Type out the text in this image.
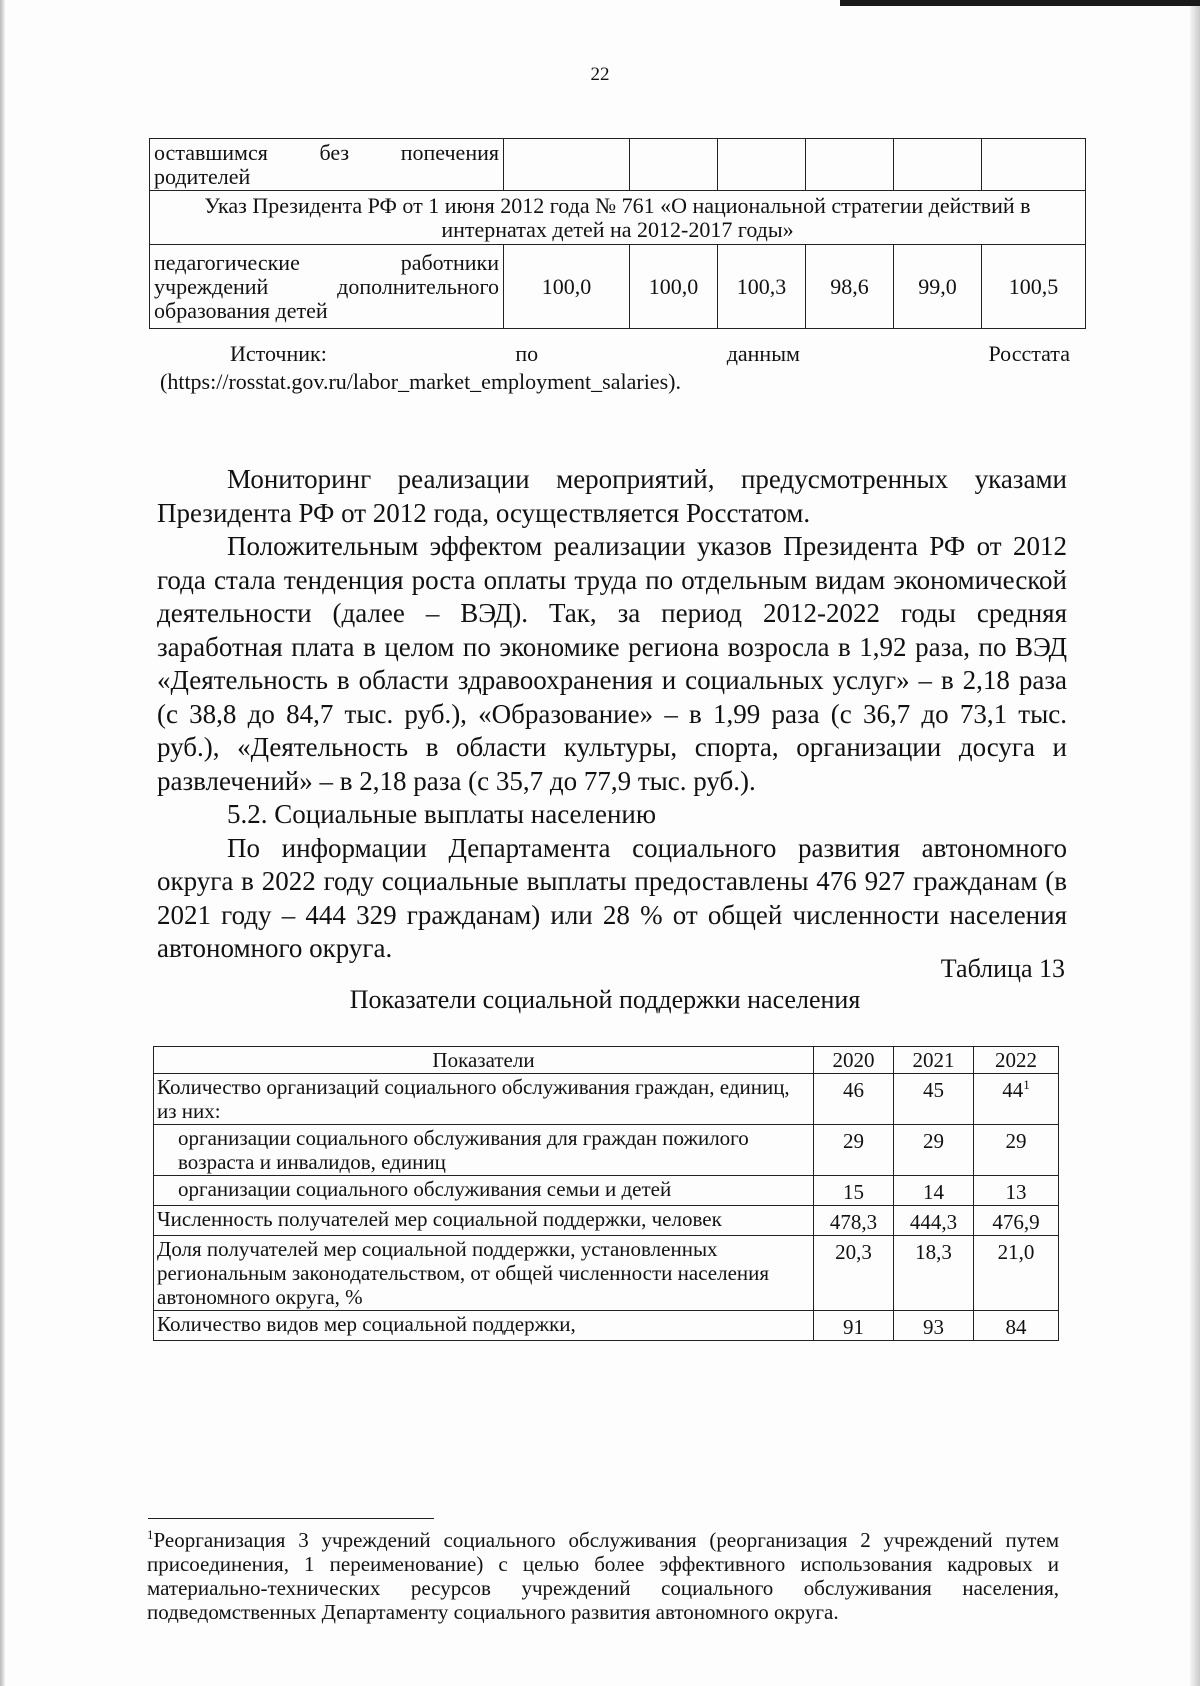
22
оставшимся без попечения родителей						
Указ Президента РФ от 1 июня 2012 года № 761 «О национальной стратегии действий в интернатах детей на 2012-2017 годы»						
педагогические работники учреждений дополнительного образования детей	100,0	100,0	100,3	98,6	99,0	100,5
Источник:	по	данным	Росстата
(https://rosstat.gov.ru/labor_market_employment_salaries).

Мониторинг реализации мероприятий, предусмотренных указами Президента РФ от 2012 года, осуществляется Росстатом.

Положительным эффектом реализации указов Президента РФ от 2012 года стала тенденция роста оплаты труда по отдельным видам экономической деятельности (далее – ВЭД). Так, за период 2012-2022 годы средняя заработная плата в целом по экономике региона возросла в 1,92 раза, по ВЭД «Деятельность в области здравоохранения и социальных услуг» – в 2,18 раза (с 38,8 до 84,7 тыс. руб.), «Образование» – в 1,99 раза (с 36,7 до 73,1 тыс. руб.), «Деятельность в области культуры, спорта, организации досуга и развлечений» – в 2,18 раза (с 35,7 до 77,9 тыс. руб.).

5.2. Социальные выплаты населению

По информации Департамента социального развития автономного округа в 2022 году социальные выплаты предоставлены 476 927 гражданам (в 2021 году – 444 329 гражданам) или 28 % от общей численности населения автономного округа.

Таблица 13
Показатели социальной поддержки населения
Показатели	2020	2021	2022
Количество организаций социального обслуживания граждан, единиц, из них:	46	45	$44^1$
организации социального обслуживания для граждан пожилого возраста и инвалидов, единиц	29	29	29
организации социального обслуживания семьи и детей	15	14	13
Численность получателей мер социальной поддержки, человек	478,3	444,3	476,9
Доля получателей мер социальной поддержки, установленных региональным законодательством, от общей численности населения автономного округа, %	20,3	18,3	21,0
Количество видов мер социальной поддержки,	91	93	84
$^1$Реорганизация 3 учреждений социального обслуживания (реорганизация 2 учреждений путем присоединения, 1 переименование) с целью более эффективного использования кадровых и материально-технических ресурсов учреждений социального обслуживания населения, подведомственных Департаменту социального развития автономного округа.
